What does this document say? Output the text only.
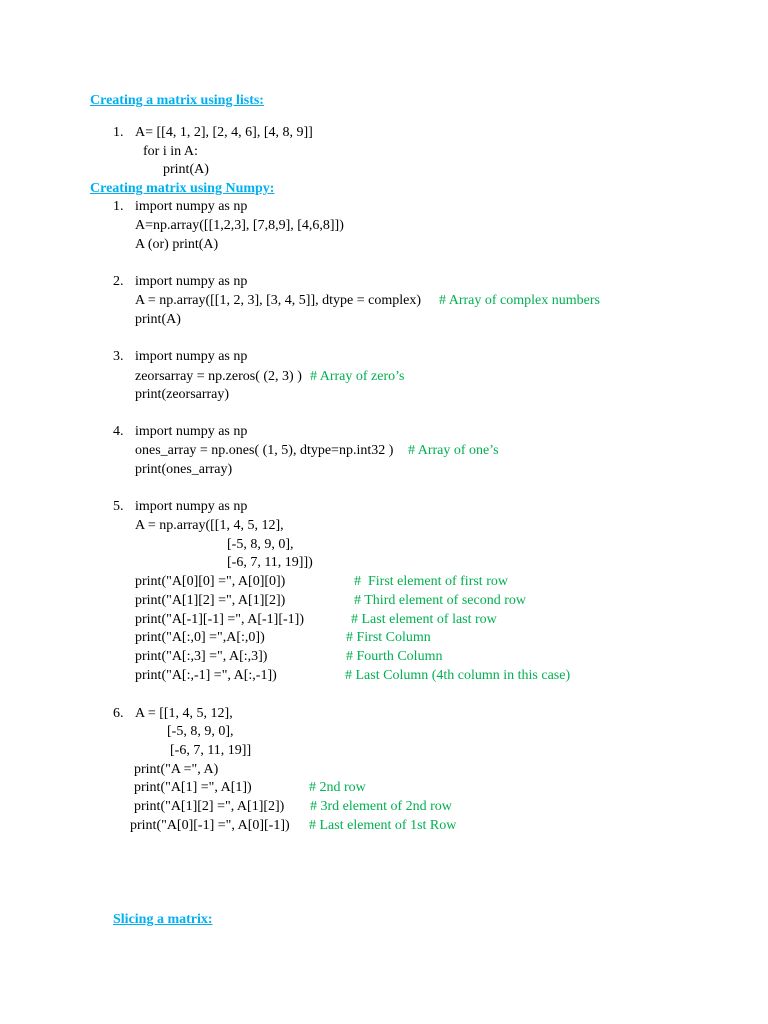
Creating a matrix using lists:
1. A= [[4, 1, 2], [2, 4, 6], [4, 8, 9]]
for i in A:
print(A)
Creating matrix using Numpy:
1. import numpy as np
A=np.array([[1,2,3], [7,8,9], [4,6,8]])
A (or) print(A)
2. import numpy as np
A = np.array([[1, 2, 3], [3, 4, 5]], dtype = complex) # Array of complex numbers
print(A)
3. import numpy as np
zeorsarray = np.zeros( (2, 3) ) # Array of zero’s
print(zeorsarray)
4. import numpy as np
ones_array = np.ones( (1, 5), dtype=np.int32 ) # Array of one’s
print(ones_array)
5. import numpy as np
A = np.array([[1, 4, 5, 12],
[-5, 8, 9, 0],
[-6, 7, 11, 19]])
print("A[0][0] =", A[0][0])	#  First element of first row
print("A[1][2] =", A[1][2])	# Third element of second row
print("A[-1][-1] =", A[-1][-1])	# Last element of last row
print("A[:,0] =",A[:,0])	# First Column
print("A[:,3] =", A[:,3])	# Fourth Column
print("A[:,-1] =", A[:,-1])	# Last Column (4th column in this case)
6. A = [[1, 4, 5, 12],
[-5, 8, 9, 0],
[-6, 7, 11, 19]]
print("A =", A)
print("A[1] =", A[1])	# 2nd row
print("A[1][2] =", A[1][2]) # 3rd element of 2nd row
print("A[0][-1] =", A[0][-1]) # Last element of 1st Row
Slicing a matrix:
